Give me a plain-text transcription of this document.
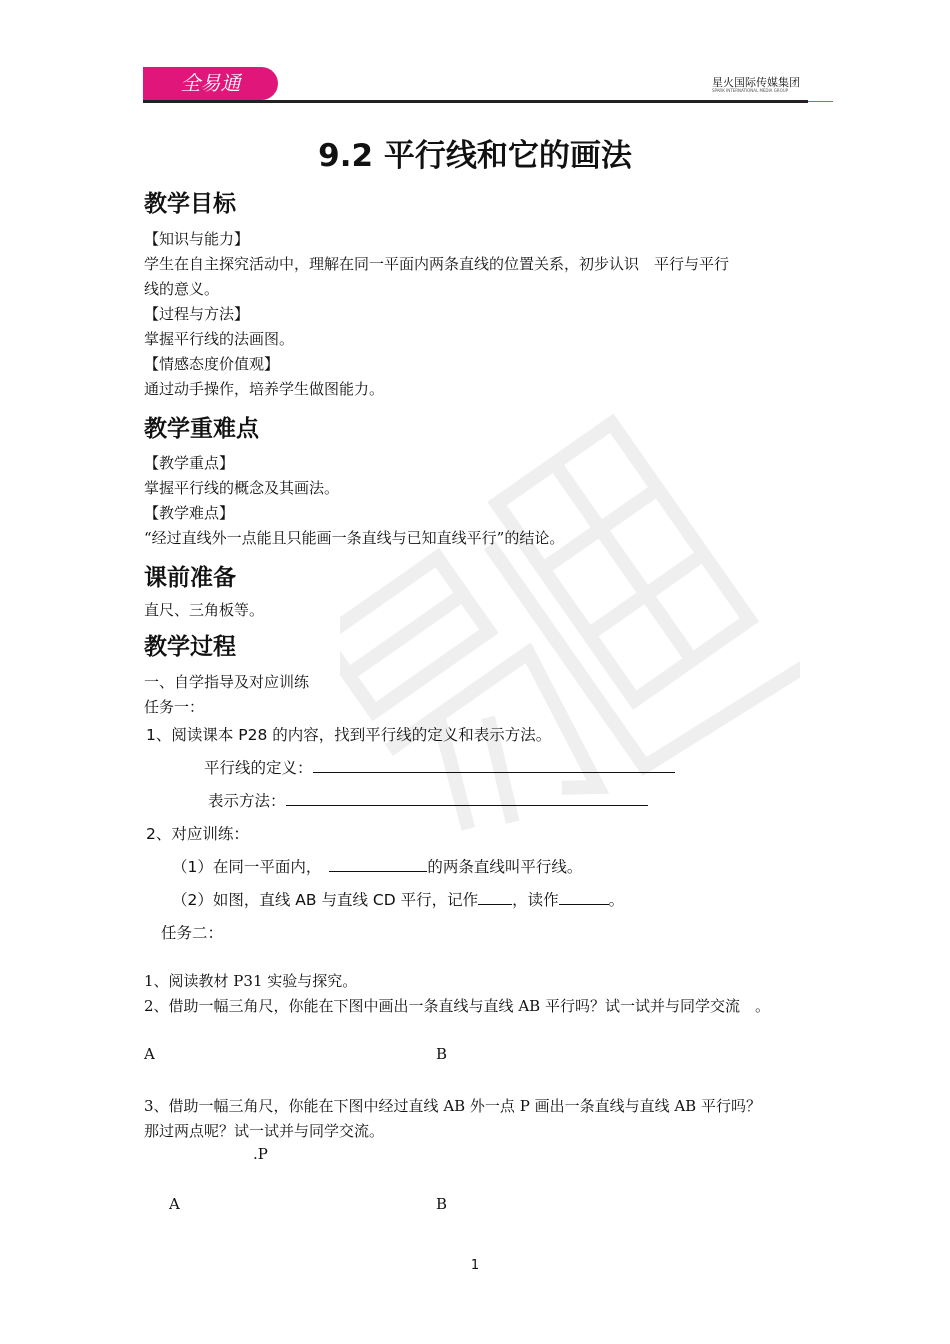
全易通	星火国际传媒集团
SPARK INTERNATIONAL MEDIA GROUP
9.2 平行线和它的画法
教学目标
【知识与能力】
学生在自主探究活动中，理解在同一平面内两条直线的位置关系，初步认识　平行与平行
线的意义。
【过程与方法】
掌握平行线的法画图。
【情感态度价值观】
通过动手操作，培养学生做图能力。
教学重难点
【教学重点】
掌握平行线的概念及其画法。
【教学难点】
“经过直线外一点能且只能画一条直线与已知直线平行”的结论。
课前准备
直尺、三角板等。
教学过程
一、自学指导及对应训练
任务一：
1、阅读课本 P28 的内容，找到平行线的定义和表示方法。
平行线的定义：
表示方法：
2、对应训练：
（1）在同一平面内，	的两条直线叫平行线。
（2）如图，直线 AB 与直线 CD 平行，记作 ，读作	。
任务二：
1、阅读教材 P31 实验与探究。
2、借助一幅三角尺，你能在下图中画出一条直线与直线 AB 平行吗？试一试并与同学交流　。
A	B
3、借助一幅三角尺，你能在下图中经过直线 AB 外一点 P 画出一条直线与直线 AB 平行吗？
那过两点呢？试一试并与同学交流。
.P
A	B
1
